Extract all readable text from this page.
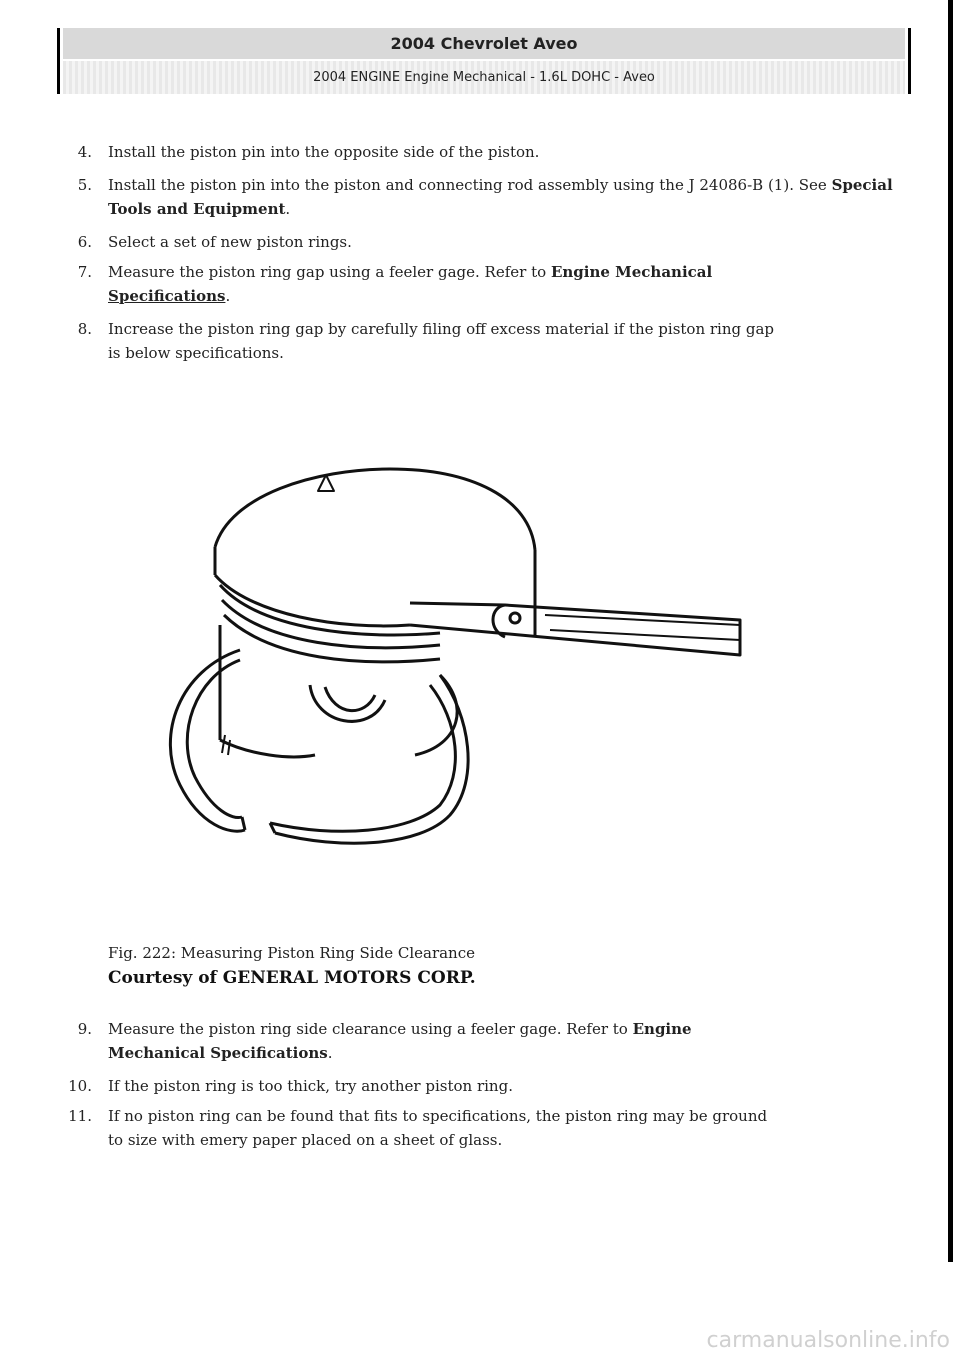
2004 Chevrolet Aveo
2004 ENGINE Engine Mechanical - 1.6L DOHC - Aveo
4. Install the piston pin into the opposite side of the piston.
5. Install the piston pin into the piston and connecting rod assembly using the J 24086-B (1). See Special Tools and Equipment.
6. Select a set of new piston rings.
7. Measure the piston ring gap using a feeler gage. Refer to Engine Mechanical
Specifications.
8. Increase the piston ring gap by carefully filing off excess material if the piston ring gap
is below specifications.
Fig. 222: Measuring Piston Ring Side Clearance
Courtesy of GENERAL MOTORS CORP.
9. Measure the piston ring side clearance using a feeler gage. Refer to Engine
Mechanical Specifications.
10. If the piston ring is too thick, try another piston ring.
11. If no piston ring can be found that fits to specifications, the piston ring may be ground
to size with emery paper placed on a sheet of glass.
carmanualsonline.info
